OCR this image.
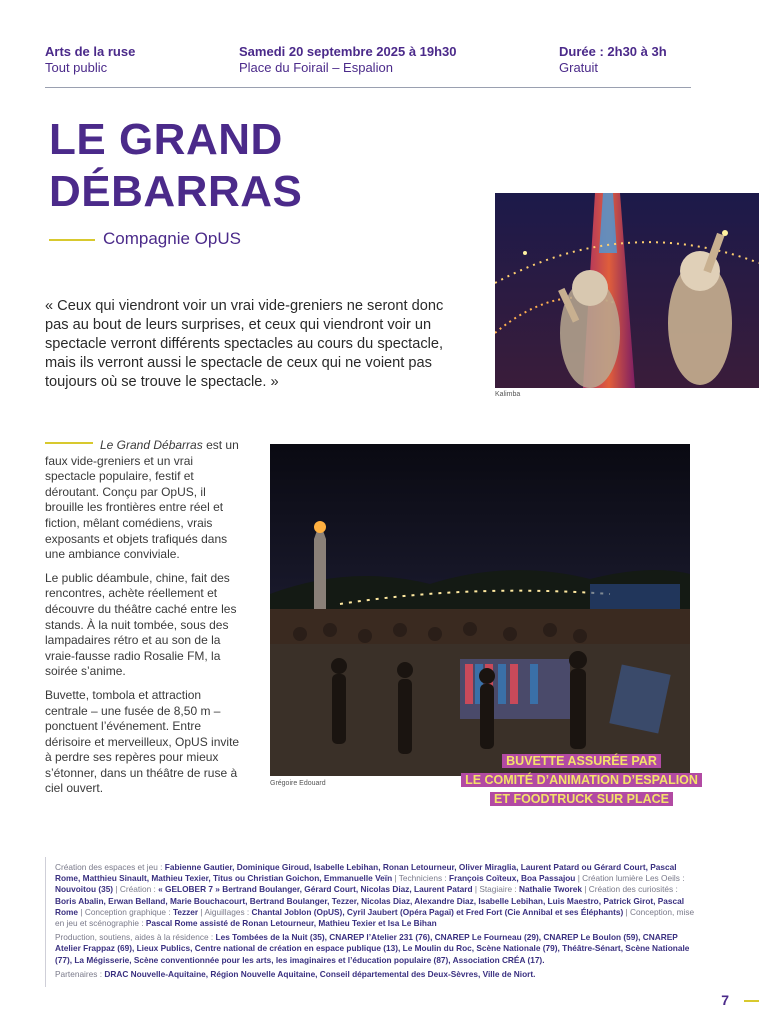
Arts de la ruse
Tout public
Samedi 20 septembre 2025 à 19h30
Place du Foirail – Espalion
Durée : 2h30 à 3h
Gratuit
LE GRAND
DÉBARRAS
Compagnie OpUS
« Ceux qui viendront voir un vrai vide-greniers ne seront donc pas au bout de leurs surprises, et ceux qui viendront voir un spectacle verront différents spectacles au cours du spectacle, mais ils verront aussi le spectacle de ceux qui ne voient pas toujours où se trouve le spectacle. »
Kalimba

Le Grand Débarras est un faux vide-greniers et un vrai spectacle populaire, festif et déroutant. Conçu par OpUS, il brouille les frontières entre réel et fiction, mêlant comédiens, vrais exposants et objets trafiqués dans une ambiance conviviale.

Le public déambule, chine, fait des rencontres, achète réellement et découvre du théâtre caché entre les stands. À la nuit tombée, sous des lampadaires rétro et au son de la vraie-fausse radio Rosalie FM, la soirée s’anime.

Buvette, tombola et attraction centrale – une fusée de 8,50 m – ponctuent l’événement. Entre dérisoire et merveilleux, OpUS invite à perdre ses repères pour mieux s’étonner, dans un théâtre de ruse à ciel ouvert.	Grégoire Edouard
BUVETTE ASSURÉE PAR
LE COMITÉ D’ANIMATION D’ESPALION
ET FOODTRUCK SUR PLACE

Création des espaces et jeu : Fabienne Gautier, Dominique Giroud, Isabelle Lebihan, Ronan Letourneur, Oliver Miraglia, Laurent Patard ou Gérard Court, Pascal Rome, Matthieu Sinault, Mathieu Texier, Titus ou Christian Goichon, Emmanuelle Veïn | Techniciens : François Coïteux, Boa Passajou | Création lumière Les Oeils : Nouvoitou (35) | Création : « GELOBER 7 » Bertrand Boulanger, Gérard Court, Nicolas Diaz, Laurent Patard | Stagiaire : Nathalie Tworek | Création des curiosités : Boris Abalin, Erwan Belland, Marie Bouchacourt, Bertrand Boulanger, Tezzer, Nicolas Diaz, Alexandre Diaz, Isabelle Lebihan, Luis Maestro, Patrick Girot, Pascal Rome | Conception graphique : Tezzer | Aiguillages : Chantal Joblon (OpUS), Cyril Jaubert (Opéra Pagaï) et Fred Fort (Cie Annibal et ses Éléphants) | Conception, mise en jeu et scénographie : Pascal Rome assisté de Ronan Letourneur, Mathieu Texier et Isa Le Bihan

Production, soutiens, aides à la résidence : Les Tombées de la Nuit (35), CNAREP l’Atelier 231 (76), CNAREP Le Fourneau (29), CNAREP Le Boulon (59), CNAREP Atelier Frappaz (69), Lieux Publics, Centre national de création en espace publique (13), Le Moulin du Roc, Scène Nationale (79), Théâtre-Sénart, Scène Nationale (77), La Mégisserie, Scène conventionnée pour les arts, les imaginaires et l’éducation populaire (87), Association CRÉA (17).

Partenaires : DRAC Nouvelle-Aquitaine, Région Nouvelle Aquitaine, Conseil départemental des Deux-Sèvres, Ville de Niort.

7
